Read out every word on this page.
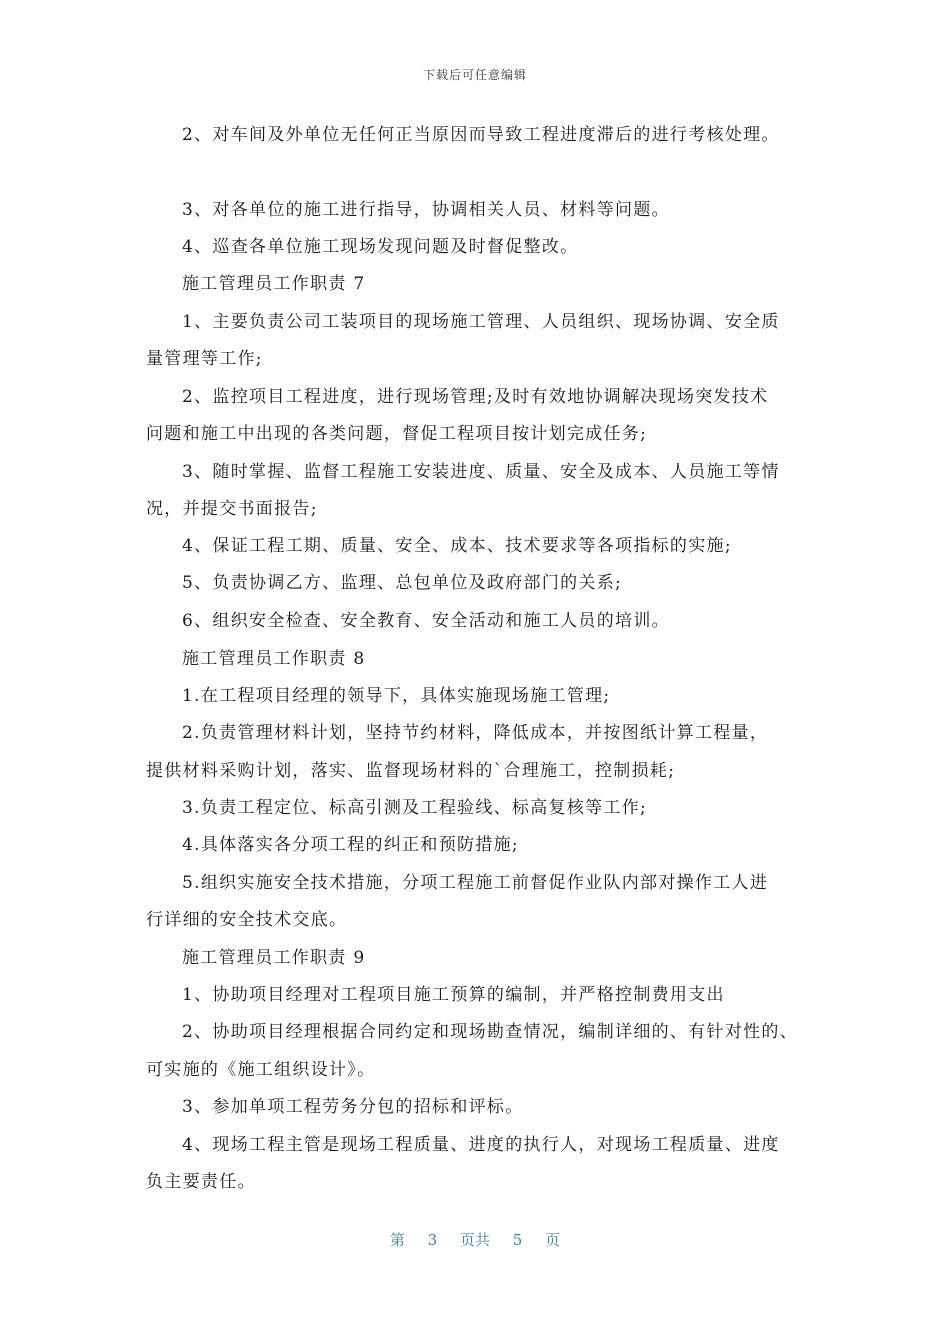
下载后可任意编辑
2、对车间及外单位无任何正当原因而导致工程进度滞后的进行考核处理。
3、对各单位的施工进行指导，协调相关人员、材料等问题。
4、巡查各单位施工现场发现问题及时督促整改。
施工管理员工作职责 7
1、主要负责公司工装项目的现场施工管理、人员组织、现场协调、安全质
量管理等工作;
2、监控项目工程进度，进行现场管理;及时有效地协调解决现场突发技术
问题和施工中出现的各类问题，督促工程项目按计划完成任务;
3、随时掌握、监督工程施工安装进度、质量、安全及成本、人员施工等情
况，并提交书面报告;
4、保证工程工期、质量、安全、成本、技术要求等各项指标的实施;
5、负责协调乙方、监理、总包单位及政府部门的关系;
6、组织安全检查、安全教育、安全活动和施工人员的培训。
施工管理员工作职责 8
1.在工程项目经理的领导下，具体实施现场施工管理;
2.负责管理材料计划，坚持节约材料，降低成本，并按图纸计算工程量，
提供材料采购计划，落实、监督现场材料的`合理施工，控制损耗;
3.负责工程定位、标高引测及工程验线、标高复核等工作;
4.具体落实各分项工程的纠正和预防措施;
5.组织实施安全技术措施，分项工程施工前督促作业队内部对操作工人进
行详细的安全技术交底。
施工管理员工作职责 9
1、协助项目经理对工程项目施工预算的编制，并严格控制费用支出
2、协助项目经理根据合同约定和现场勘查情况，编制详细的、有针对性的、
可实施的《施工组织设计》。
3、参加单项工程劳务分包的招标和评标。
4、现场工程主管是现场工程质量、进度的执行人，对现场工程质量、进度
负主要责任。
第 3 页共 5 页
